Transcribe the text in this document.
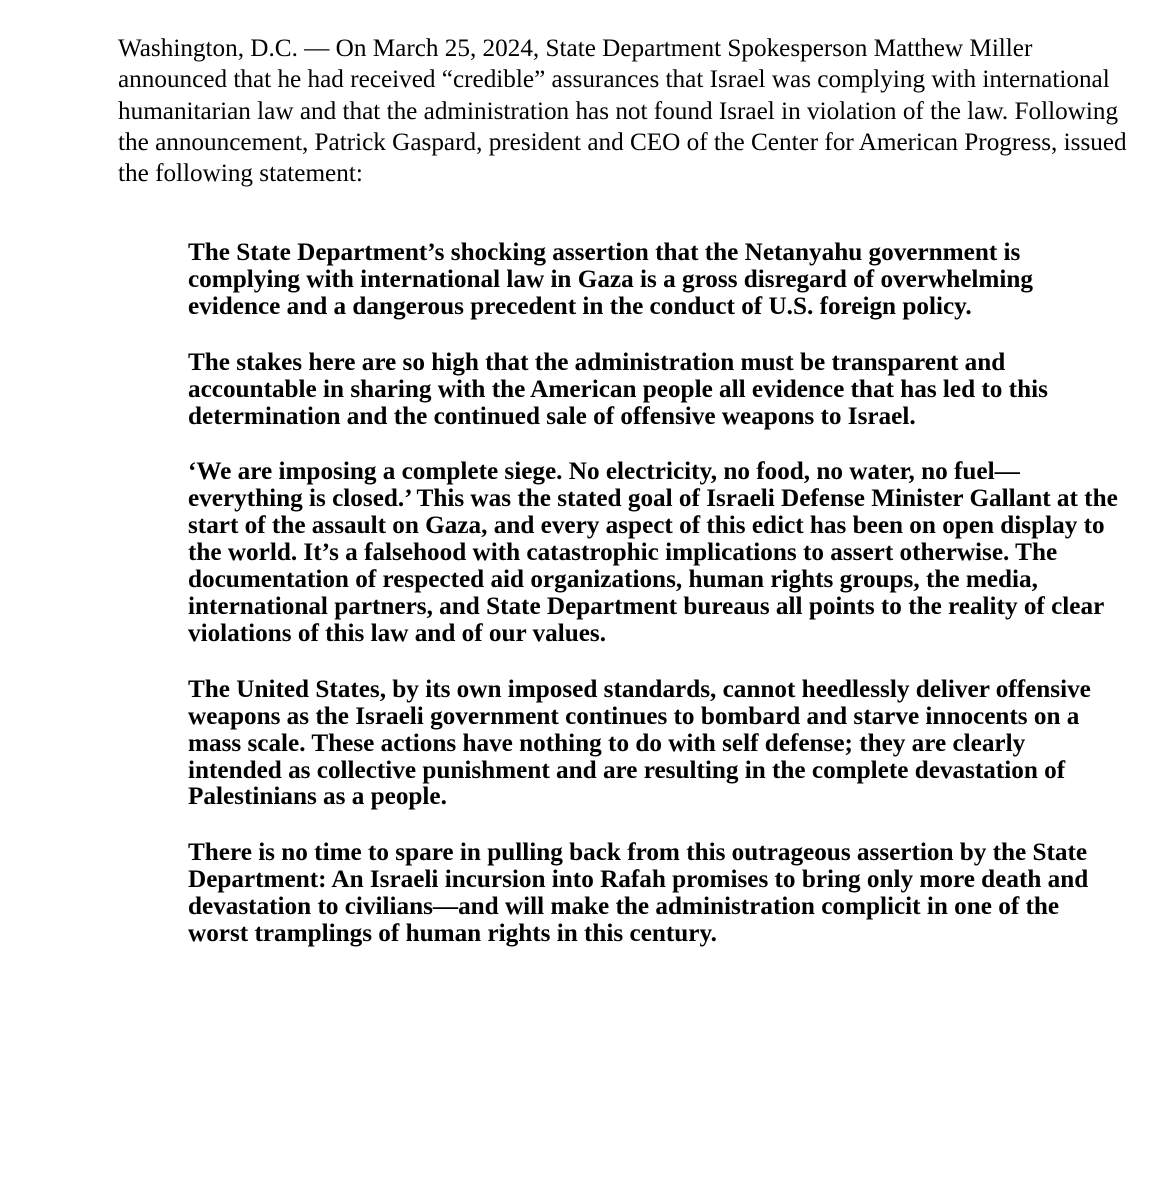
Washington, D.C. — On March 25, 2024, State Department Spokesperson Matthew Miller announced that he had received “credible” assurances that Israel was complying with international humanitarian law and that the administration has not found Israel in violation of the law. Following the announcement, Patrick Gaspard, president and CEO of the Center for American Progress, issued the following statement:

The State Department’s shocking assertion that the Netanyahu government is complying with international law in Gaza is a gross disregard of overwhelming evidence and a dangerous precedent in the conduct of U.S. foreign policy.

The stakes here are so high that the administration must be transparent and accountable in sharing with the American people all evidence that has led to this determination and the continued sale of offensive weapons to Israel.

‘We are imposing a complete siege. No electricity, no food, no water, no fuel—everything is closed.’ This was the stated goal of Israeli Defense Minister Gallant at the start of the assault on Gaza, and every aspect of this edict has been on open display to the world. It’s a falsehood with catastrophic implications to assert otherwise. The documentation of respected aid organizations, human rights groups, the media, international partners, and State Department bureaus all points to the reality of clear violations of this law and of our values.

The United States, by its own imposed standards, cannot heedlessly deliver offensive weapons as the Israeli government continues to bombard and starve innocents on a mass scale. These actions have nothing to do with self defense; they are clearly intended as collective punishment and are resulting in the complete devastation of Palestinians as a people.

There is no time to spare in pulling back from this outrageous assertion by the State Department: An Israeli incursion into Rafah promises to bring only more death and devastation to civilians—and will make the administration complicit in one of the worst tramplings of human rights in this century.
